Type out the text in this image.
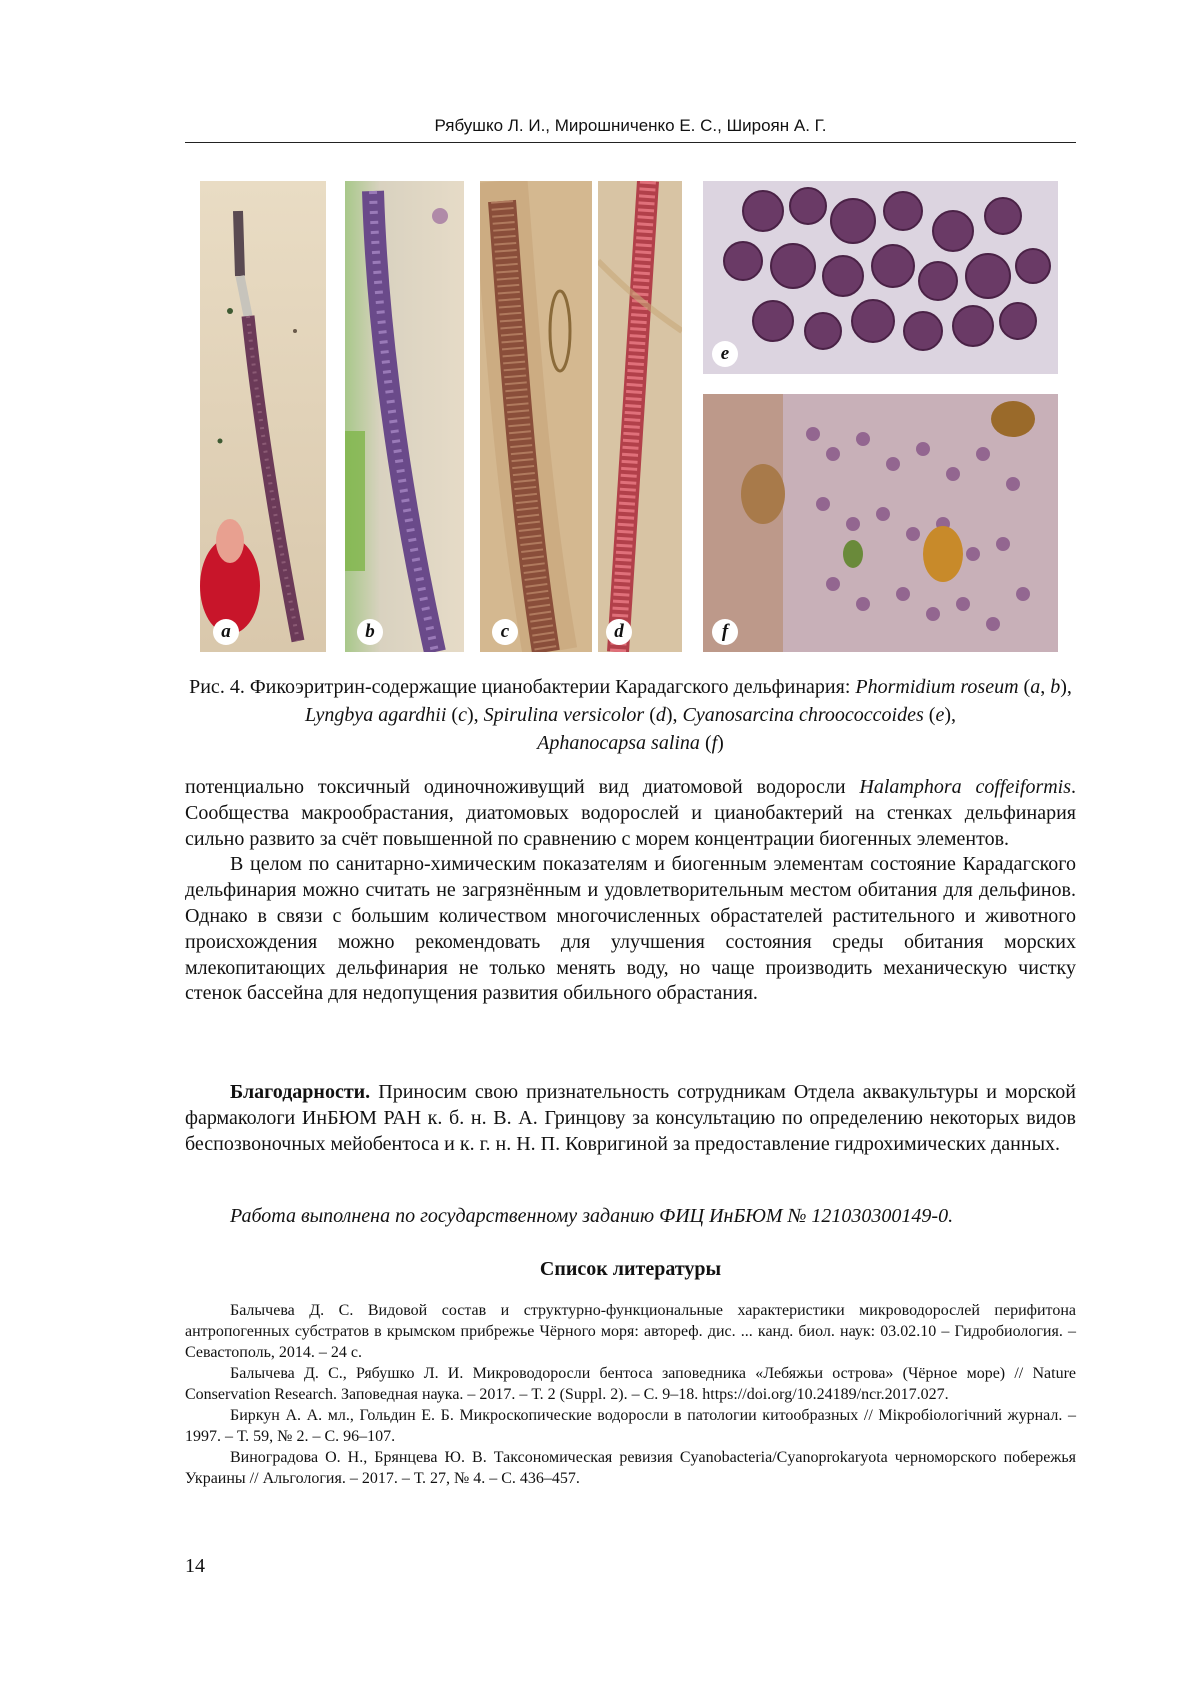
Рябушко Л. И., Мирошниченко Е. С., Широян А. Г.
a	b	c	d
e
f
Рис. 4. Фикоэритрин-содержащие цианобактерии Карадагского дельфинария: Phormidium roseum (a, b), Lyngbya agardhii (c), Spirulina versicolor (d), Cyanosarcina chroococcoides (e),
Aphanocapsa salina (f)

потенциально токсичный одиночноживущий вид диатомовой водоросли Halamphora coffeiformis. Сообщества макрообрастания, диатомовых водорослей и цианобактерий на стенках дельфинария сильно развито за счёт повышенной по сравнению с морем концентрации биогенных элементов.

В целом по санитарно-химическим показателям и биогенным элементам состояние Карадагского дельфинария можно считать не загрязнённым и удовлетворительным местом обитания для дельфинов. Однако в связи с большим количеством многочисленных обрастателей растительного и животного происхождения можно рекомендовать для улучшения состояния среды обитания морских млекопитающих дельфинария не только менять воду, но чаще производить механическую чистку стенок бассейна для недопущения развития обильного обрастания.

Благодарности. Приносим свою признательность сотрудникам Отдела аквакультуры и морской фармакологи ИнБЮМ РАН к. б. н. В. А. Гринцову за консультацию по определению некоторых видов беспозвоночных мейобентоса и к. г. н. Н. П. Ковригиной за предоставление гидрохимических данных.

Работа выполнена по государственному заданию ФИЦ ИнБЮМ № 121030300149-0.
Список литературы

Балычева Д. С. Видовой состав и структурно-функциональные характеристики микроводорослей перифитона антропогенных субстратов в крымском прибрежье Чёрного моря: автореф. дис. ... канд. биол. наук: 03.02.10 – Гидробиология. – Севастополь, 2014. – 24 с.

Балычева Д. С., Рябушко Л. И. Микроводоросли бентоса заповедника «Лебяжьи острова» (Чёрное море) // Nature Conservation Research. Заповедная наука. – 2017. – Т. 2 (Suppl. 2). – С. 9–18. https://doi.org/10.24189/ncr.2017.027.

Биркун А. А. мл., Гольдин Е. Б. Микроскопические водоросли в патологии китообразных // Мікробіологічний журнал. – 1997. – Т. 59, № 2. – С. 96–107.

Виноградова О. Н., Брянцева Ю. В. Таксономическая ревизия Cyanobacteria/Cyanoprokaryota черноморского побережья Украины // Альгология. – 2017. – Т. 27, № 4. – С. 436–457.

14
